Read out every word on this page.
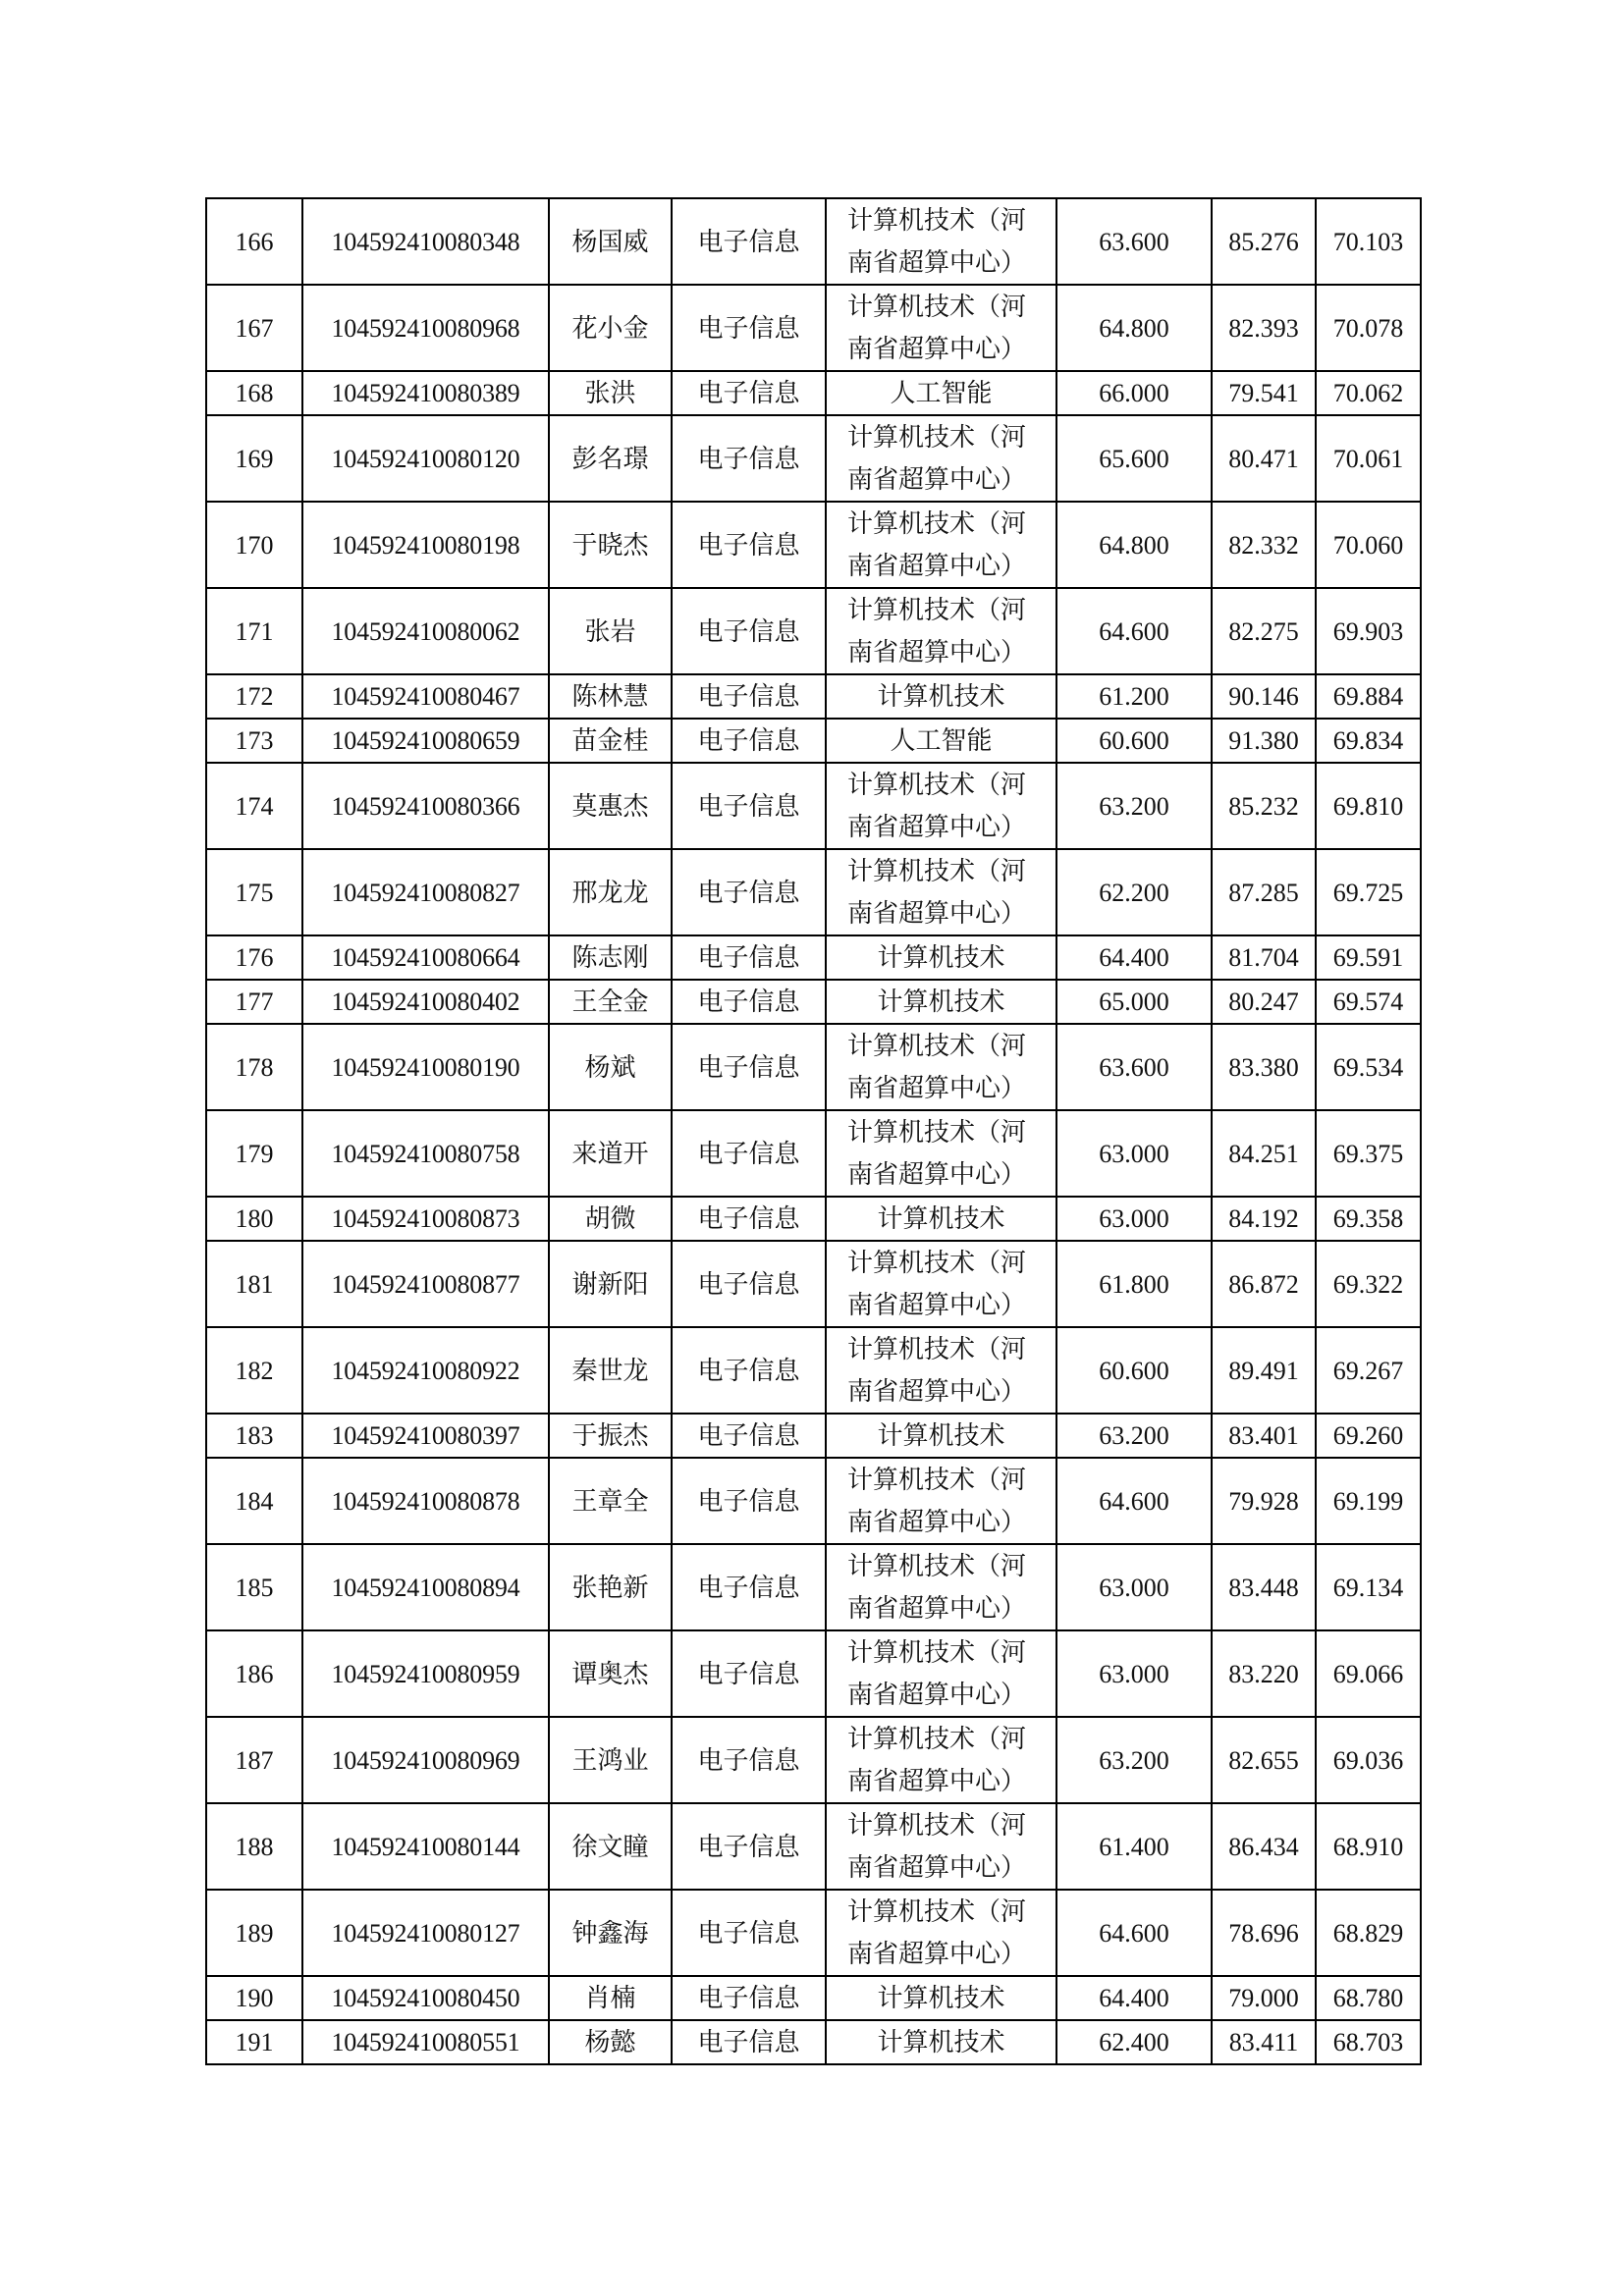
166	104592410080348	杨国威	电子信息	计算机技术（河南省超算中心）	63.600	85.276	70.103
167	104592410080968	花小金	电子信息	计算机技术（河南省超算中心）	64.800	82.393	70.078
168	104592410080389	张洪	电子信息	人工智能	66.000	79.541	70.062
169	104592410080120	彭名璟	电子信息	计算机技术（河南省超算中心）	65.600	80.471	70.061
170	104592410080198	于晓杰	电子信息	计算机技术（河南省超算中心）	64.800	82.332	70.060
171	104592410080062	张岩	电子信息	计算机技术（河南省超算中心）	64.600	82.275	69.903
172	104592410080467	陈林慧	电子信息	计算机技术	61.200	90.146	69.884
173	104592410080659	苗金桂	电子信息	人工智能	60.600	91.380	69.834
174	104592410080366	莫惠杰	电子信息	计算机技术（河南省超算中心）	63.200	85.232	69.810
175	104592410080827	邢龙龙	电子信息	计算机技术（河南省超算中心）	62.200	87.285	69.725
176	104592410080664	陈志刚	电子信息	计算机技术	64.400	81.704	69.591
177	104592410080402	王全金	电子信息	计算机技术	65.000	80.247	69.574
178	104592410080190	杨斌	电子信息	计算机技术（河南省超算中心）	63.600	83.380	69.534
179	104592410080758	来道开	电子信息	计算机技术（河南省超算中心）	63.000	84.251	69.375
180	104592410080873	胡微	电子信息	计算机技术	63.000	84.192	69.358
181	104592410080877	谢新阳	电子信息	计算机技术（河南省超算中心）	61.800	86.872	69.322
182	104592410080922	秦世龙	电子信息	计算机技术（河南省超算中心）	60.600	89.491	69.267
183	104592410080397	于振杰	电子信息	计算机技术	63.200	83.401	69.260
184	104592410080878	王章全	电子信息	计算机技术（河南省超算中心）	64.600	79.928	69.199
185	104592410080894	张艳新	电子信息	计算机技术（河南省超算中心）	63.000	83.448	69.134
186	104592410080959	谭奥杰	电子信息	计算机技术（河南省超算中心）	63.000	83.220	69.066
187	104592410080969	王鸿业	电子信息	计算机技术（河南省超算中心）	63.200	82.655	69.036
188	104592410080144	徐文瞳	电子信息	计算机技术（河南省超算中心）	61.400	86.434	68.910
189	104592410080127	钟鑫海	电子信息	计算机技术（河南省超算中心）	64.600	78.696	68.829
190	104592410080450	肖楠	电子信息	计算机技术	64.400	79.000	68.780
191	104592410080551	杨懿	电子信息	计算机技术	62.400	83.411	68.703
